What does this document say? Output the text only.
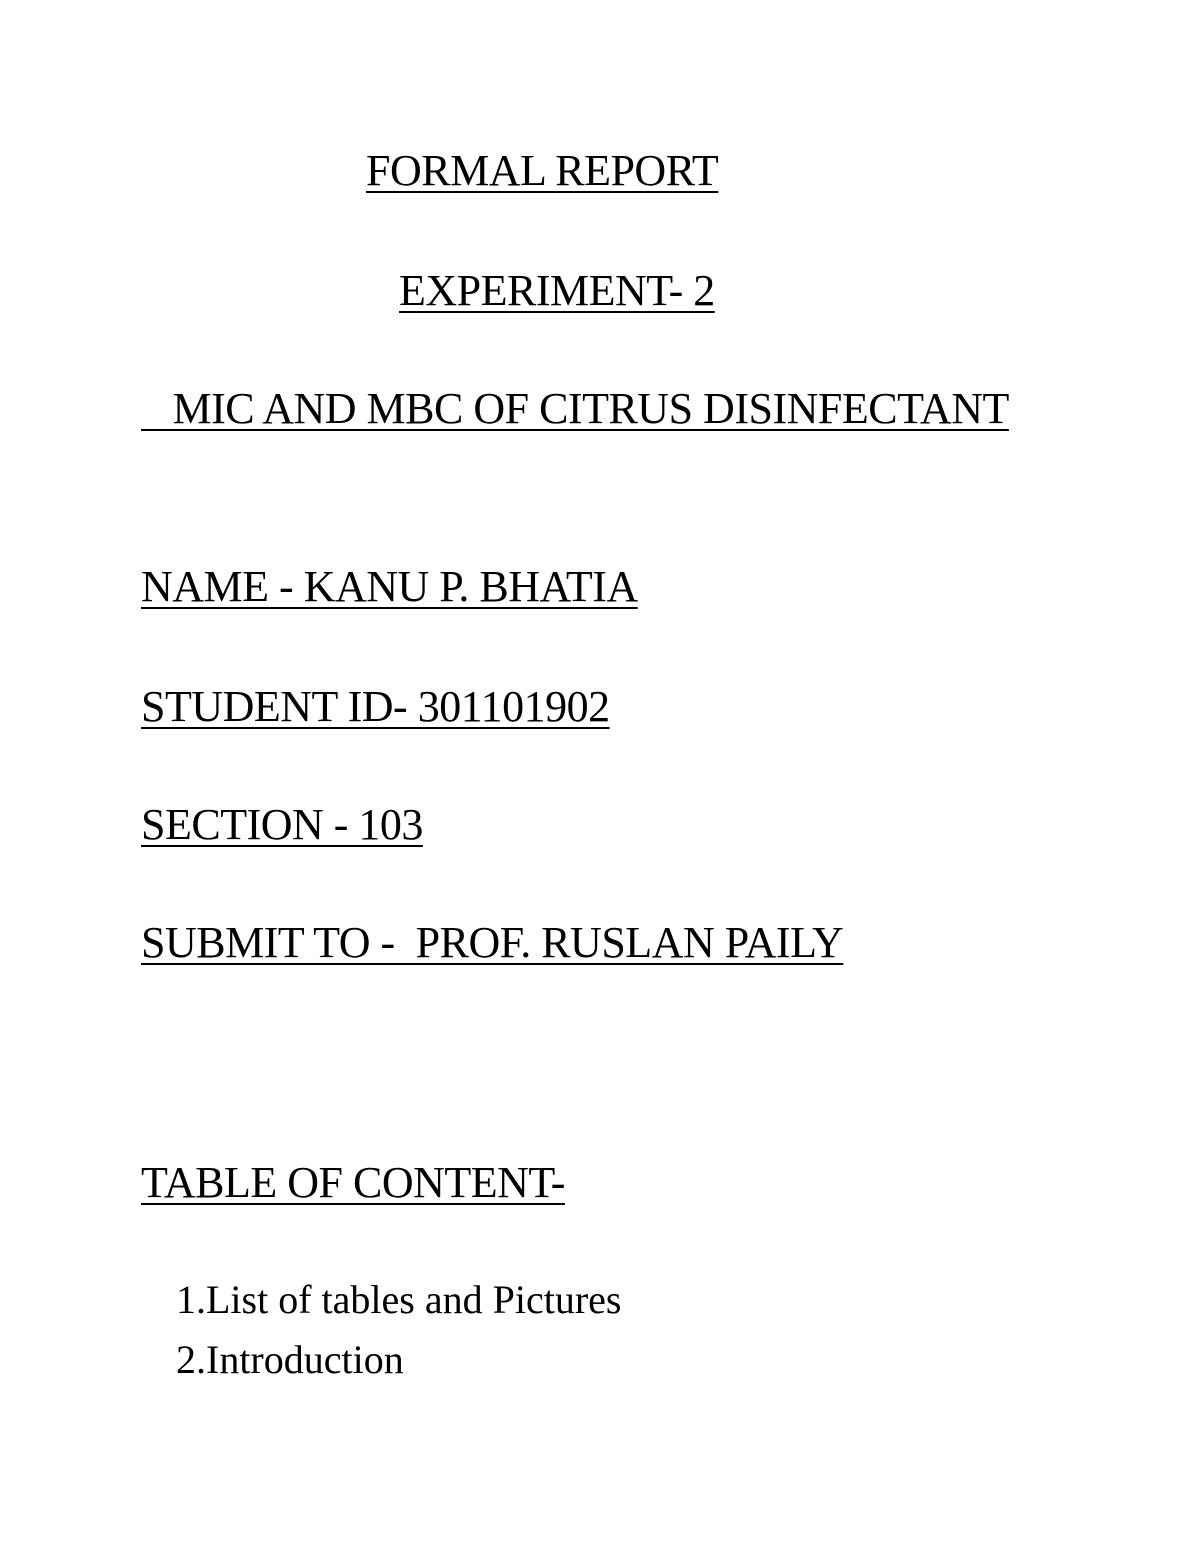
FORMAL REPORT
EXPERIMENT- 2
MIC AND MBC OF CITRUS DISINFECTANT
NAME - KANU P. BHATIA
STUDENT ID- 301101902
SECTION - 103
SUBMIT TO -  PROF. RUSLAN PAILY
TABLE OF CONTENT-
1.List of tables and Pictures
2.Introduction
